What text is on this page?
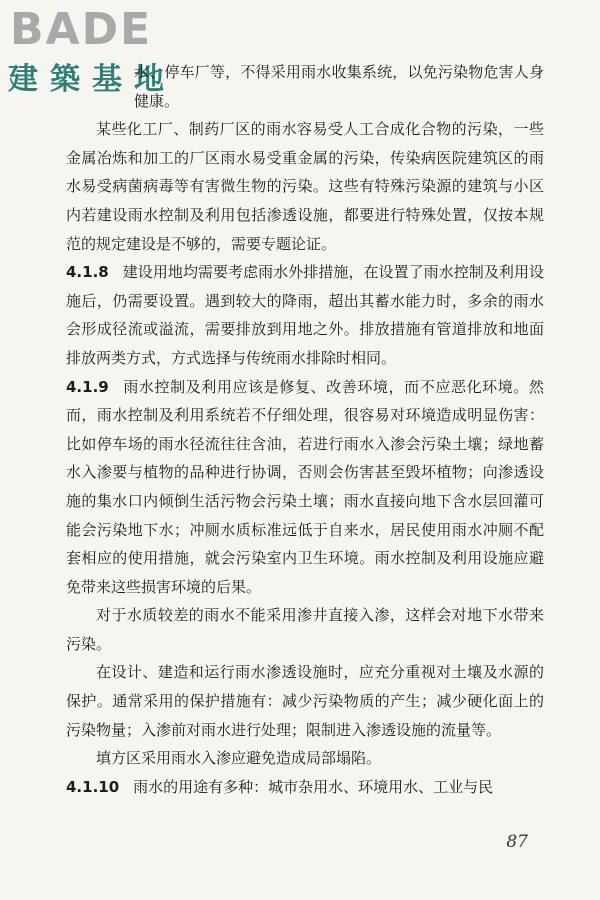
BADE
建築基地

水、停车厂等，不得采用雨水收集系统，以免污染物危害人身健康。

某些化工厂、制药厂区的雨水容易受人工合成化合物的污染，一些金属冶炼和加工的厂区雨水易受重金属的污染，传染病医院建筑区的雨水易受病菌病毒等有害微生物的污染。这些有特殊污染源的建筑与小区内若建设雨水控制及利用包括渗透设施，都要进行特殊处置，仅按本规范的规定建设是不够的，需要专题论证。

4.1.8 建设用地均需要考虑雨水外排措施，在设置了雨水控制及利用设施后，仍需要设置。遇到较大的降雨，超出其蓄水能力时，多余的雨水会形成径流或溢流，需要排放到用地之外。排放措施有管道排放和地面排放两类方式，方式选择与传统雨水排除时相同。

4.1.9 雨水控制及利用应该是修复、改善环境，而不应恶化环境。然而，雨水控制及利用系统若不仔细处理，很容易对环境造成明显伤害：比如停车场的雨水径流往往含油，若进行雨水入渗会污染土壤；绿地蓄水入渗要与植物的品种进行协调，否则会伤害甚至毁坏植物；向渗透设施的集水口内倾倒生活污物会污染土壤；雨水直接向地下含水层回灌可能会污染地下水；冲厕水质标准远低于自来水，居民使用雨水冲厕不配套相应的使用措施，就会污染室内卫生环境。雨水控制及利用设施应避免带来这些损害环境的后果。

对于水质较差的雨水不能采用渗井直接入渗，这样会对地下水带来污染。

在设计、建造和运行雨水渗透设施时，应充分重视对土壤及水源的保护。通常采用的保护措施有：减少污染物质的产生；减少硬化面上的污染物量；入渗前对雨水进行处理；限制进入渗透设施的流量等。

填方区采用雨水入渗应避免造成局部塌陷。

4.1.10 雨水的用途有多种：城市杂用水、环境用水、工业与民

87
